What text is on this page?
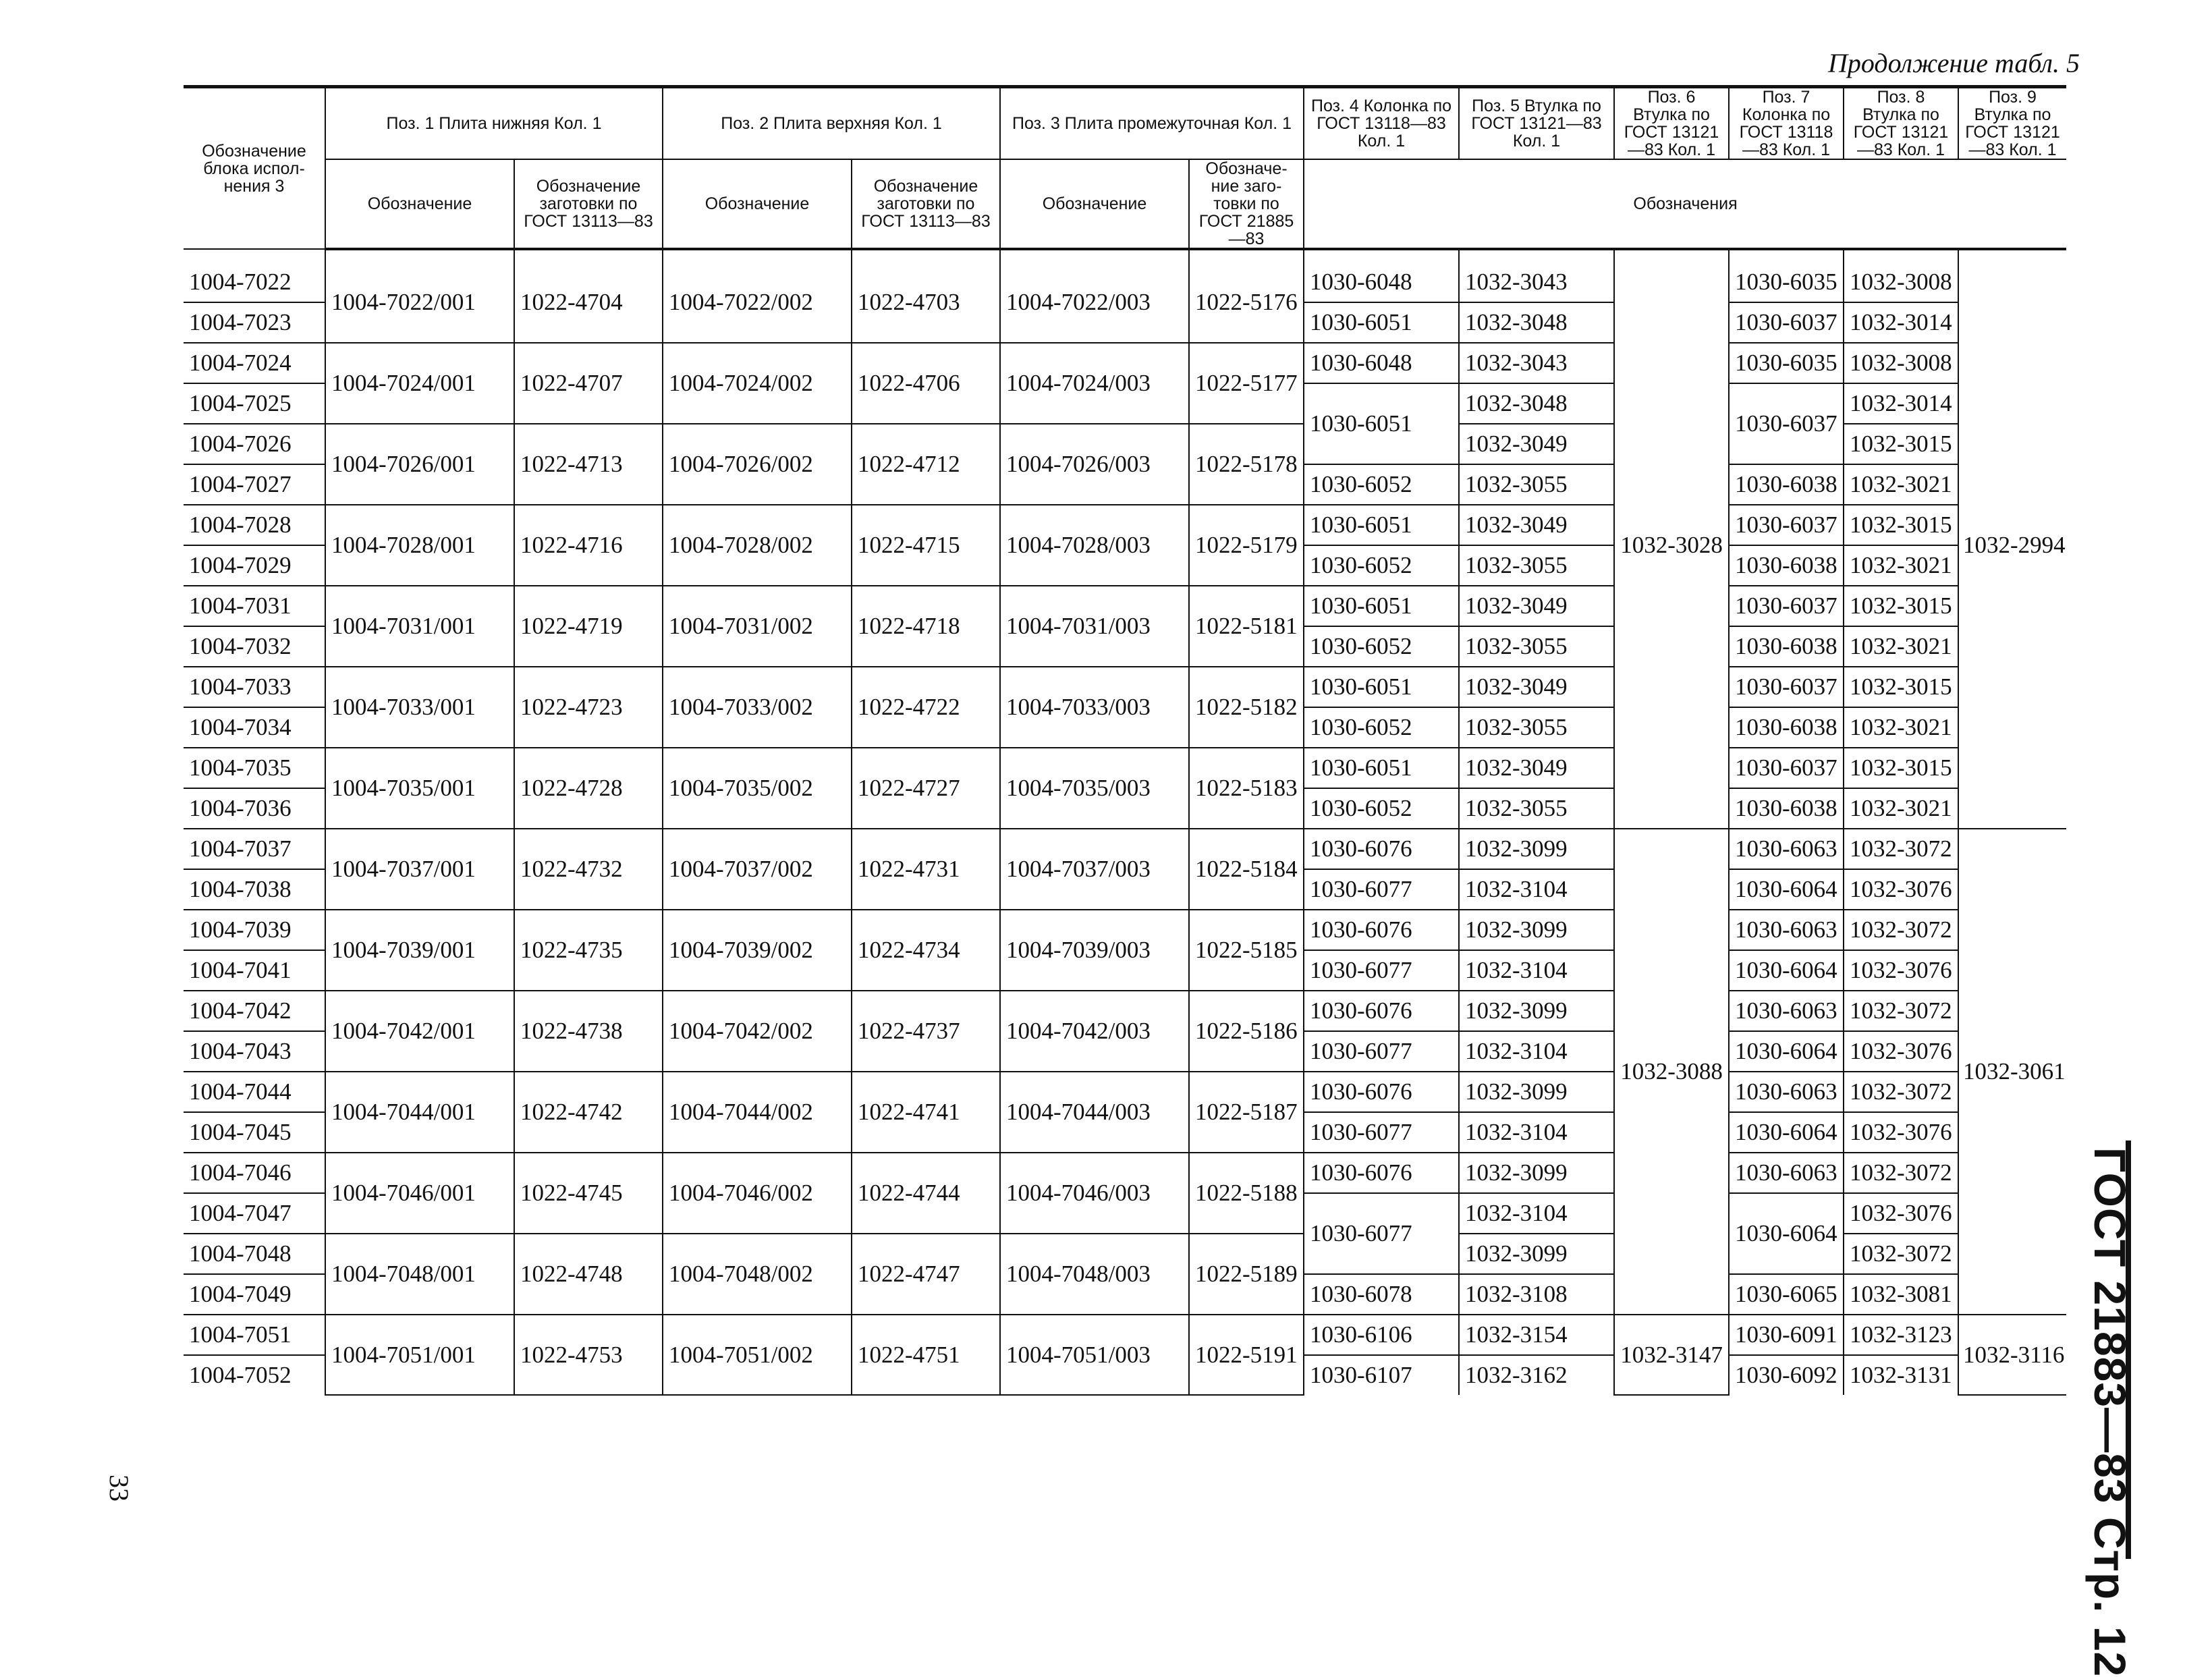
Продолжение табл. 5
Обозначение блока испол- нения 3	Поз. 1 Плита нижняя Кол. 1		Поз. 2 Плита верхняя Кол. 1		Поз. 3 Плита промежуточная Кол. 1		Поз. 4 Колонка по ГОСТ 13118—83 Кол. 1	Поз. 5 Втулка по ГОСТ 13121—83 Кол. 1	Поз. 6 Втулка по ГОСТ 13121—83 Кол. 1	Поз. 7 Колонка по ГОСТ 13118—83 Кол. 1	Поз. 8 Втулка по ГОСТ 13121—83 Кол. 1	Поз. 9 Втулка по ГОСТ 13121—83 Кол. 1
	Обозначение	Обозначение заготовки по ГОСТ 13113—83	Обозначение	Обозначение заготовки по ГОСТ 13113—83	Обозначение	Обозначе- ние заго- товки по ГОСТ 21885—83	Обозначения					
1004-7022	1004-7022/001	1022-4704	1004-7022/002	1022-4703	1004-7022/003	1022-5176	1030-6048	1032-3043	1032-3028	1030-6035	1032-3008	1032-2994
1004-7023							1030-6051	1032-3048		1030-6037	1032-3014	
1004-7024	1004-7024/001	1022-4707	1004-7024/002	1022-4706	1004-7024/003	1022-5177	1030-6048	1032-3043		1030-6035	1032-3008	
1004-7025							1030-6051	1032-3048		1030-6037	1032-3014	
1004-7026	1004-7026/001	1022-4713	1004-7026/002	1022-4712	1004-7026/003	1022-5178		1032-3049			1032-3015	
1004-7027							1030-6052	1032-3055		1030-6038	1032-3021	
1004-7028	1004-7028/001	1022-4716	1004-7028/002	1022-4715	1004-7028/003	1022-5179	1030-6051	1032-3049		1030-6037	1032-3015	
1004-7029							1030-6052	1032-3055		1030-6038	1032-3021	
1004-7031	1004-7031/001	1022-4719	1004-7031/002	1022-4718	1004-7031/003	1022-5181	1030-6051	1032-3049		1030-6037	1032-3015	
1004-7032							1030-6052	1032-3055		1030-6038	1032-3021	
1004-7033	1004-7033/001	1022-4723	1004-7033/002	1022-4722	1004-7033/003	1022-5182	1030-6051	1032-3049		1030-6037	1032-3015	
1004-7034							1030-6052	1032-3055		1030-6038	1032-3021	
1004-7035	1004-7035/001	1022-4728	1004-7035/002	1022-4727	1004-7035/003	1022-5183	1030-6051	1032-3049		1030-6037	1032-3015	
1004-7036							1030-6052	1032-3055		1030-6038	1032-3021	
1004-7037	1004-7037/001	1022-4732	1004-7037/002	1022-4731	1004-7037/003	1022-5184	1030-6076	1032-3099	1032-3088	1030-6063	1032-3072	1032-3061
1004-7038							1030-6077	1032-3104		1030-6064	1032-3076	
1004-7039	1004-7039/001	1022-4735	1004-7039/002	1022-4734	1004-7039/003	1022-5185	1030-6076	1032-3099		1030-6063	1032-3072	
1004-7041							1030-6077	1032-3104		1030-6064	1032-3076	
1004-7042	1004-7042/001	1022-4738	1004-7042/002	1022-4737	1004-7042/003	1022-5186	1030-6076	1032-3099		1030-6063	1032-3072	
1004-7043							1030-6077	1032-3104		1030-6064	1032-3076	
1004-7044	1004-7044/001	1022-4742	1004-7044/002	1022-4741	1004-7044/003	1022-5187	1030-6076	1032-3099		1030-6063	1032-3072	
1004-7045							1030-6077	1032-3104		1030-6064	1032-3076	
1004-7046	1004-7046/001	1022-4745	1004-7046/002	1022-4744	1004-7046/003	1022-5188	1030-6076	1032-3099		1030-6063	1032-3072	
1004-7047							1030-6077	1032-3104		1030-6064	1032-3076	
1004-7048	1004-7048/001	1022-4748	1004-7048/002	1022-4747	1004-7048/003	1022-5189		1032-3099			1032-3072	
1004-7049							1030-6078	1032-3108		1030-6065	1032-3081	
1004-7051	1004-7051/001	1022-4753	1004-7051/002	1022-4751	1004-7051/003	1022-5191	1030-6106	1032-3154	1032-3147	1030-6091	1032-3123	1032-3116
1004-7052							1030-6107	1032-3162		1030-6092	1032-3131		ГОСТ 21883—83 Стр. 12
33
